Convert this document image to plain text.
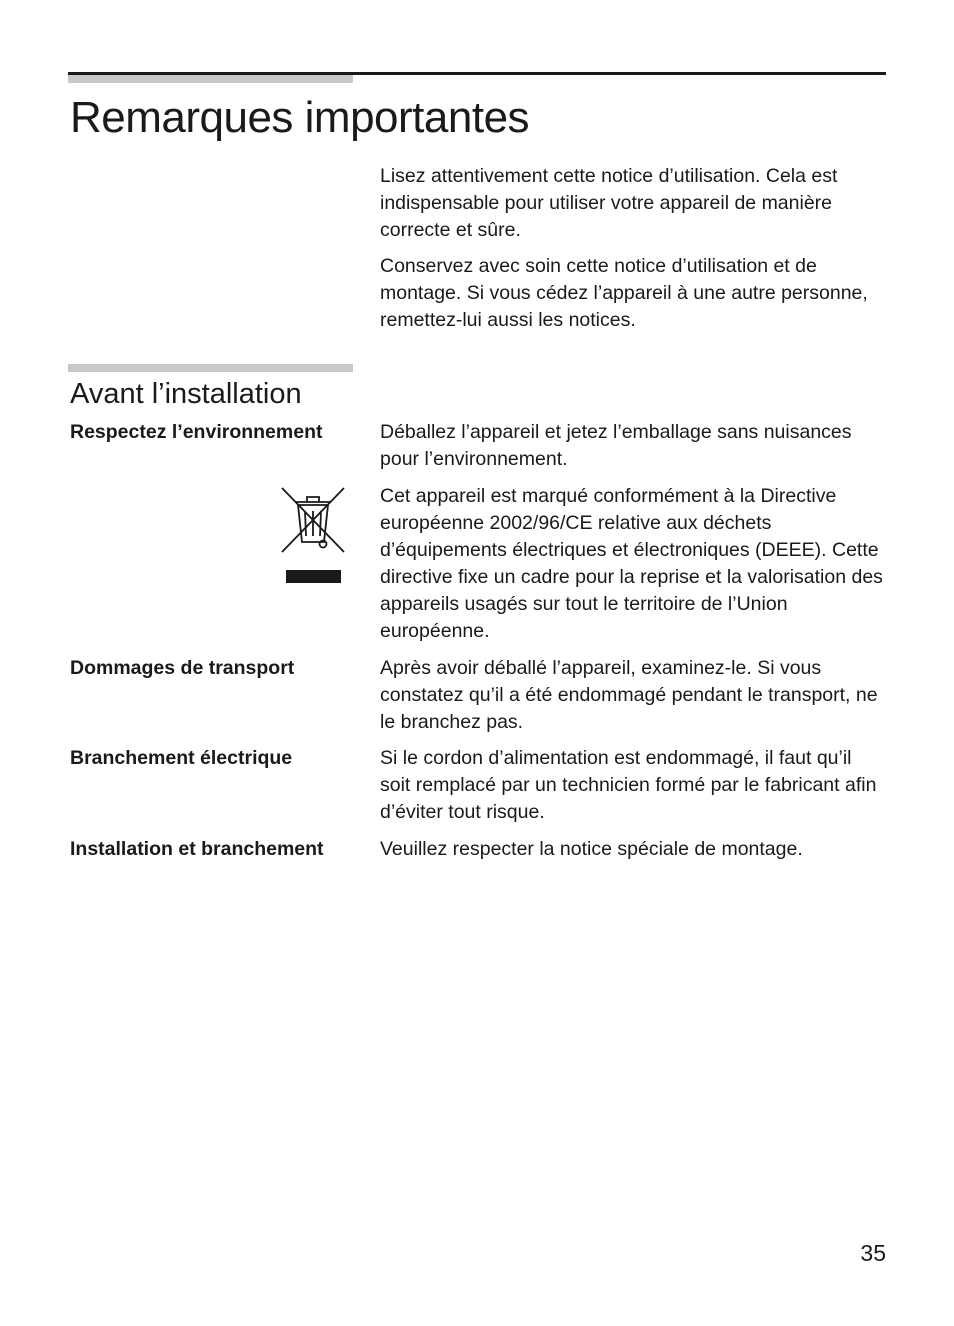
Remarques importantes

Lisez attentivement cette notice d’utilisation. Cela est indispensable pour utiliser votre appareil de manière correcte et sûre.

Conservez avec soin cette notice d’utilisation et de montage. Si vous cédez l’appareil à une autre personne, remettez-lui aussi les notices.

Avant l’installation

Respectez l’environnement	Déballez l’appareil et jetez l’emballage sans nuisances pour l’environnement.

Cet appareil est marqué conformément à la Directive européenne 2002/96/CE relative aux déchets d’équipements électriques et électroniques (DEEE). Cette directive fixe un cadre pour la reprise et la valorisation des appareils usagés sur tout le territoire de l’Union européenne.

Dommages de transport	Après avoir déballé l’appareil, examinez-le. Si vous constatez qu’il a été endommagé pendant le transport, ne le branchez pas.

Branchement électrique	Si le cordon d’alimentation est endommagé, il faut qu’il soit remplacé par un technicien formé par le fabricant afin d’éviter tout risque.

Installation et branchement	Veuillez respecter la notice spéciale de montage.

35
